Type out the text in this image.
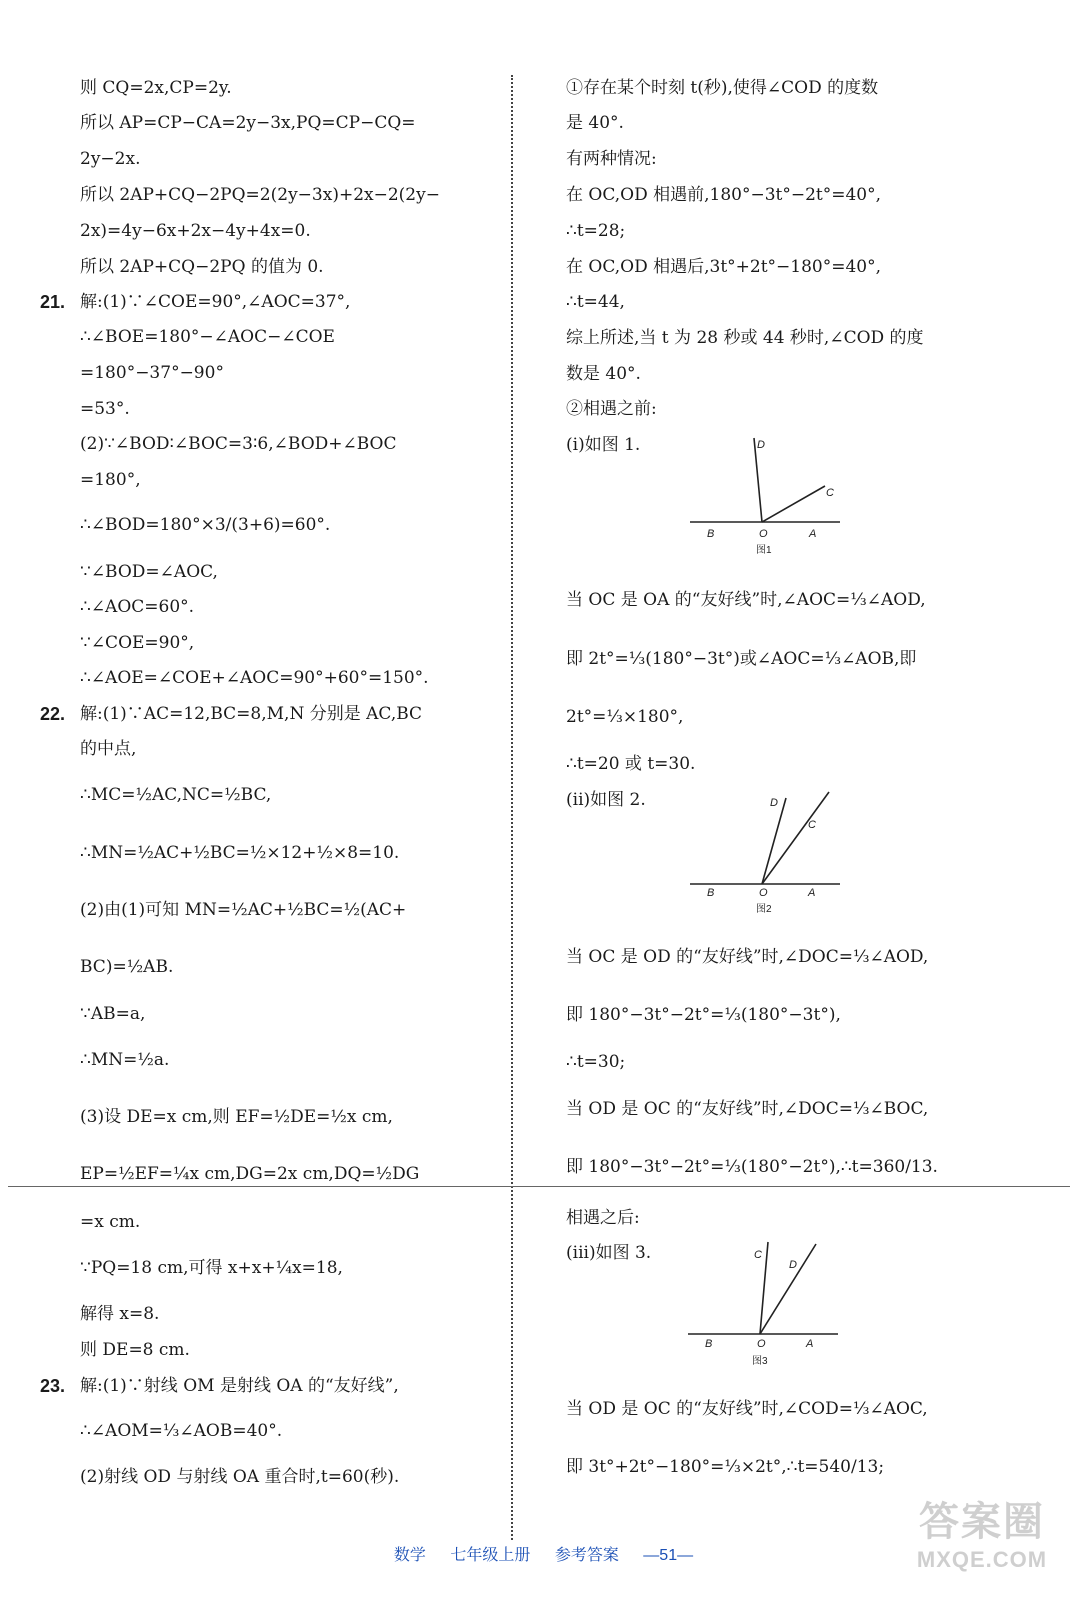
则 CQ=2x,CP=2y.
所以 AP=CP−CA=2y−3x,PQ=CP−CQ=
2y−2x.
所以 2AP+CQ−2PQ=2(2y−3x)+2x−2(2y−
2x)=4y−6x+2x−4y+4x=0.
所以 2AP+CQ−2PQ 的值为 0.
21. 解:(1)∵∠COE=90°,∠AOC=37°,
∴∠BOE=180°−∠AOC−∠COE
=180°−37°−90°
=53°.
(2)∵∠BOD∶∠BOC=3∶6,∠BOD+∠BOC
=180°,
∴∠BOD=180°×3/(3+6)=60°.
∵∠BOD=∠AOC,
∴∠AOC=60°.
∵∠COE=90°,
∴∠AOE=∠COE+∠AOC=90°+60°=150°.
22. 解:(1)∵AC=12,BC=8,M,N 分别是 AC,BC
的中点,
∴MC=½AC,NC=½BC,
∴MN=½AC+½BC=½×12+½×8=10.
(2)由(1)可知 MN=½AC+½BC=½(AC+
BC)=½AB.
∵AB=a,
∴MN=½a.
(3)设 DE=x cm,则 EF=½DE=½x cm,
EP=½EF=¼x cm,DG=2x cm,DQ=½DG
=x cm.
∵PQ=18 cm,可得 x+x+¼x=18,
解得 x=8.
则 DE=8 cm.
23. 解:(1)∵射线 OM 是射线 OA 的“友好线”,
∴∠AOM=⅓∠AOB=40°.
(2)射线 OD 与射线 OA 重合时,t=60(秒).
①存在某个时刻 t(秒),使得∠COD 的度数
是 40°.
有两种情况:
在 OC,OD 相遇前,180°−3t°−2t°=40°,
∴t=28;
在 OC,OD 相遇后,3t°+2t°−180°=40°,
∴t=44,
综上所述,当 t 为 28 秒或 44 秒时,∠COD 的度
数是 40°.
②相遇之前:
(i)如图 1.	D
C
B	O	A
图1
当 OC 是 OA 的“友好线”时,∠AOC=⅓∠AOD,
即 2t°=⅓(180°−3t°)或∠AOC=⅓∠AOB,即
2t°=⅓×180°,
∴t=20 或 t=30.
(ii)如图 2.	D
C
B	O	A
图2
当 OC 是 OD 的“友好线”时,∠DOC=⅓∠AOD,
即 180°−3t°−2t°=⅓(180°−3t°),
∴t=30;
当 OD 是 OC 的“友好线”时,∠DOC=⅓∠BOC,
即 180°−3t°−2t°=⅓(180°−2t°),∴t=360/13.
相遇之后:
(iii)如图 3.	C
D
B	O	A
图3
当 OD 是 OC 的“友好线”时,∠COD=⅓∠AOC,
即 3t°+2t°−180°=⅓×2t°,∴t=540/13;
数学 七年级上册 参考答案 —51—
答案圈
MXQE.COM
